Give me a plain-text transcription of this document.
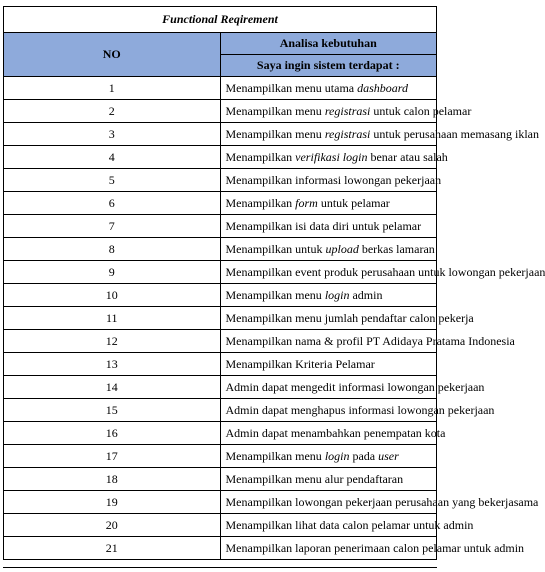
Functional Reqirement	
NO	Analisa kebutuhan
	Saya ingin sistem terdapat :
1	Menampilkan menu utama dashboard
2	Menampilkan menu registrasi untuk calon pelamar
3	Menampilkan menu registrasi untuk perusahaan memasang iklan
4	Menampilkan verifikasi login benar atau salah
5	Menampilkan informasi lowongan pekerjaan
6	Menampilkan form untuk pelamar
7	Menampilkan isi data diri untuk pelamar
8	Menampilkan untuk upload berkas lamaran
9	Menampilkan event produk perusahaan untuk lowongan pekerjaan
10	Menampilkan menu login admin
11	Menampilkan menu jumlah pendaftar calon pekerja
12	Menampilkan nama & profil PT Adidaya Pratama Indonesia
13	Menampilkan Kriteria Pelamar
14	Admin dapat mengedit informasi lowongan pekerjaan
15	Admin dapat menghapus informasi lowongan pekerjaan
16	Admin dapat menambahkan penempatan kota
17	Menampilkan menu login pada user
18	Menampilkan menu alur pendaftaran
19	Menampilkan lowongan pekerjaan perusahaan yang bekerjasama
20	Menampilkan lihat data calon pelamar untuk admin
21	Menampilkan laporan penerimaan calon pelamar untuk admin
